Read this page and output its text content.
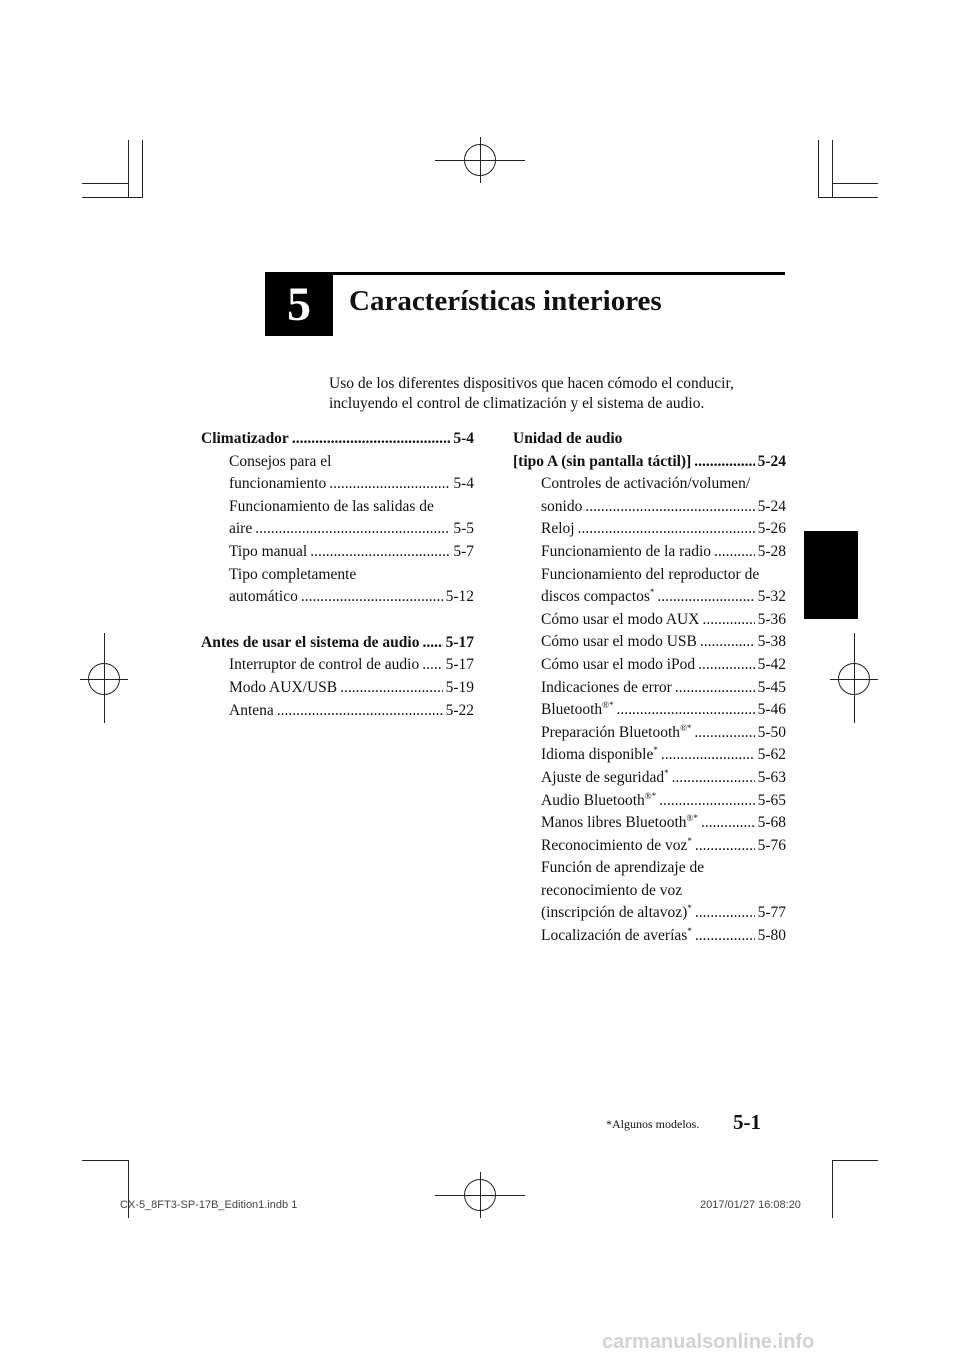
5 Características interiores
Uso de los diferentes dispositivos que hacen cómodo el conducir, incluyendo el control de climatización y el sistema de audio.
Climatizador .....	5-4
Consejos para el
funcionamiento .....	5-4
Funcionamiento de las salidas de
aire .....	5-5
Tipo manual .....	5-7
Tipo completamente
automático .....	5-12
Antes de usar el sistema de audio ..... 5-17
Interruptor de control de audio ..... 5-17
Modo AUX/USB .....	5-19
Antena .....	5-22
Unidad de audio
[tipo A (sin pantalla táctil)] .....	5-24
Controles de activación/volumen/
sonido .....	5-24
Reloj .....	5-26
Funcionamiento de la radio .....	5-28
Funcionamiento del reproductor de
discos compactos* .....	5-32
Cómo usar el modo AUX .....	5-36
Cómo usar el modo USB .....	5-38
Cómo usar el modo iPod .....	5-42
Indicaciones de error .....	5-45
Bluetooth®* .....	5-46
Preparación Bluetooth®* .....	5-50
Idioma disponible* .....	5-62
Ajuste de seguridad* .....	5-63
Audio Bluetooth®* .....	5-65
Manos libres Bluetooth®* .....	5-68
Reconocimiento de voz* .....	5-76
Función de aprendizaje de
reconocimiento de voz
(inscripción de altavoz)* .....	5-77
Localización de averías* .....	5-80
*Algunos modelos. 5-1
CX-5_8FT3-SP-17B_Edition1.indb 1	2017/01/27 16:08:20
carmanualsonline.info
